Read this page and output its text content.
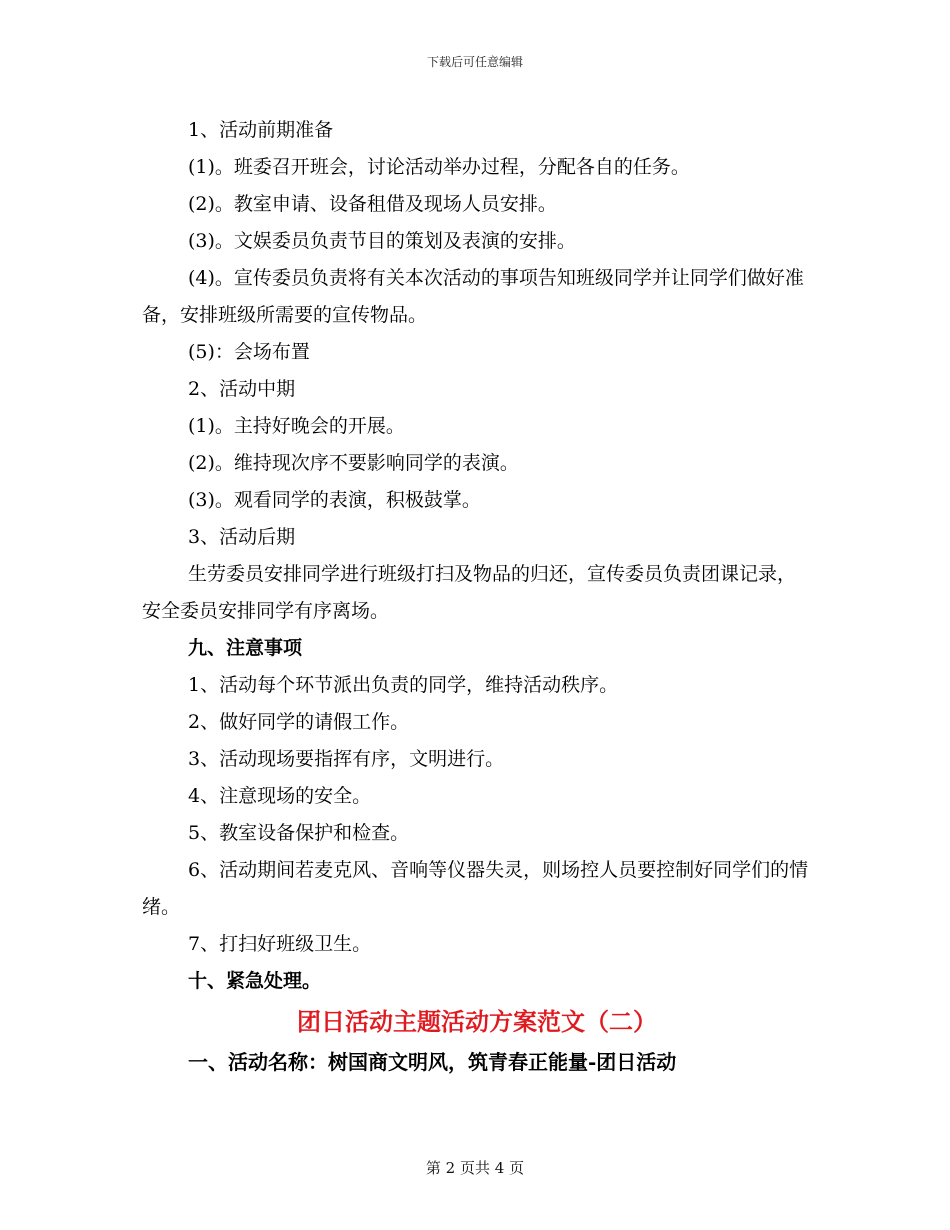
下载后可任意编辑

1、活动前期准备

(1)。班委召开班会，讨论活动举办过程，分配各自的任务。

(2)。教室申请、设备租借及现场人员安排。

(3)。文娱委员负责节目的策划及表演的安排。

(4)。宣传委员负责将有关本次活动的事项告知班级同学并让同学们做好准备，安排班级所需要的宣传物品。

(5)：会场布置

2、活动中期

(1)。主持好晚会的开展。

(2)。维持现次序不要影响同学的表演。

(3)。观看同学的表演，积极鼓掌。

3、活动后期

生劳委员安排同学进行班级打扫及物品的归还，宣传委员负责团课记录，安全委员安排同学有序离场。

九、注意事项

1、活动每个环节派出负责的同学，维持活动秩序。

2、做好同学的请假工作。

3、活动现场要指挥有序，文明进行。

4、注意现场的安全。

5、教室设备保护和检查。

6、活动期间若麦克风、音响等仪器失灵，则场控人员要控制好同学们的情绪。

7、打扫好班级卫生。

十、紧急处理。

团日活动主题活动方案范文（二）

一、活动名称：树国商文明风，筑青春正能量-团日活动

第 2 页共 4 页
